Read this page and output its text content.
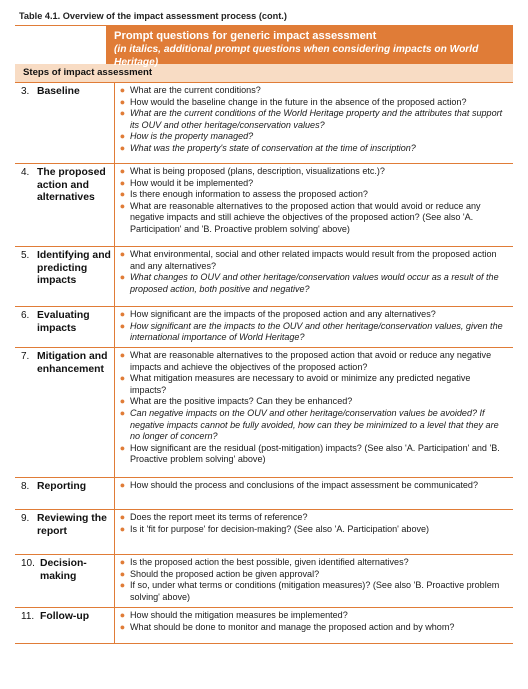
Table 4.1. Overview of the impact assessment process (cont.)
Prompt questions for generic impact assessment
(in italics, additional prompt questions when considering impacts on World Heritage)
Steps of impact assessment
3. Baseline	● What are the current conditions?
● How would the baseline change in the future in the absence of the proposed action?
● What are the current conditions of the World Heritage property and the attributes that support its OUV and other heritage/conservation values?
● How is the property managed?
● What was the property's state of conservation at the time of inscription?
4. The proposed action and alternatives
● What is being proposed (plans, description, visualizations etc.)?
● How would it be implemented?
● Is there enough information to assess the proposed action?
● What are reasonable alternatives to the proposed action that would avoid or reduce any negative impacts and still achieve the objectives of the proposed action? (See also 'A. Participation' and 'B. Proactive problem solving' above)
5. Identifying and predicting impacts
● What environmental, social and other related impacts would result from the proposed action and any alternatives?
● What changes to OUV and other heritage/conservation values would occur as a result of the proposed action, both positive and negative?
6. Evaluating impacts
● How significant are the impacts of the proposed action and any alternatives?
● How significant are the impacts to the OUV and other heritage/conservation values, given the international importance of World Heritage?
7. Mitigation and enhancement
● What are reasonable alternatives to the proposed action that avoid or reduce any negative impacts and achieve the objectives of the proposed action?
● What mitigation measures are necessary to avoid or minimize any predicted negative impacts?
● What are the positive impacts? Can they be enhanced?
● Can negative impacts on the OUV and other heritage/conservation values be avoided? If negative impacts cannot be fully avoided, how can they be minimized to a level that they are no longer of concern?
● How significant are the residual (post-mitigation) impacts? (See also 'A. Participation' and 'B. Proactive problem solving' above)
8. Reporting	● How should the process and conclusions of the impact assessment be communicated?
9. Reviewing the report
● Does the report meet its terms of reference?
● Is it 'fit for purpose' for decision-making? (See also 'A. Participation' above)
10. Decision-making
● Is the proposed action the best possible, given identified alternatives?
● Should the proposed action be given approval?
● If so, under what terms or conditions (mitigation measures)? (See also 'B. Proactive problem solving' above)
11. Follow-up	● How should the mitigation measures be implemented?
● What should be done to monitor and manage the proposed action and by whom?
